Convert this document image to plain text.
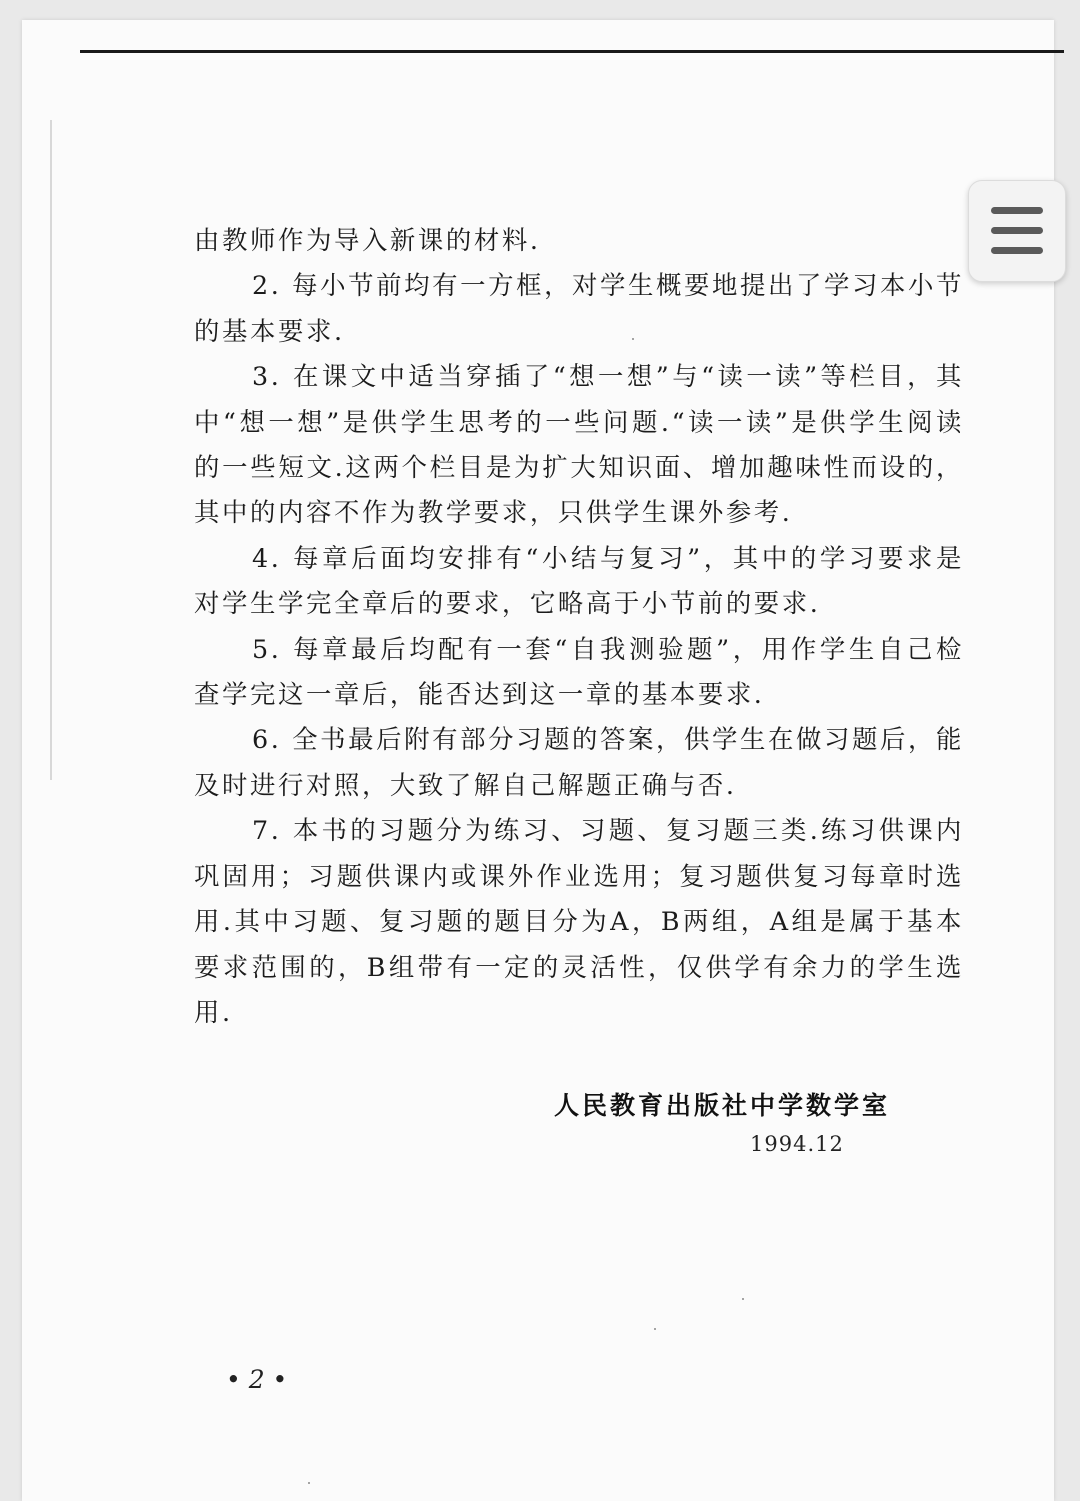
由教师作为导入新课的材料.

2. 每小节前均有一方框，对学生概要地提出了学习本小节的基本要求.

3. 在课文中适当穿插了“想一想”与“读一读”等栏目，其中“想一想”是供学生思考的一些问题.“读一读”是供学生阅读的一些短文.这两个栏目是为扩大知识面、增加趣味性而设的，其中的内容不作为教学要求，只供学生课外参考.

4. 每章后面均安排有“小结与复习”，其中的学习要求是对学生学完全章后的要求，它略高于小节前的要求.

5. 每章最后均配有一套“自我测验题”，用作学生自己检查学完这一章后，能否达到这一章的基本要求.

6. 全书最后附有部分习题的答案，供学生在做习题后，能及时进行对照，大致了解自己解题正确与否.

7. 本书的习题分为练习、习题、复习题三类.练习供课内巩固用；习题供课内或课外作业选用；复习题供复习每章时选用.其中习题、复习题的题目分为A，B两组，A组是属于基本要求范围的，B组带有一定的灵活性，仅供学有余力的学生选用.

人民教育出版社中学数学室
1994.12
• 2 •
